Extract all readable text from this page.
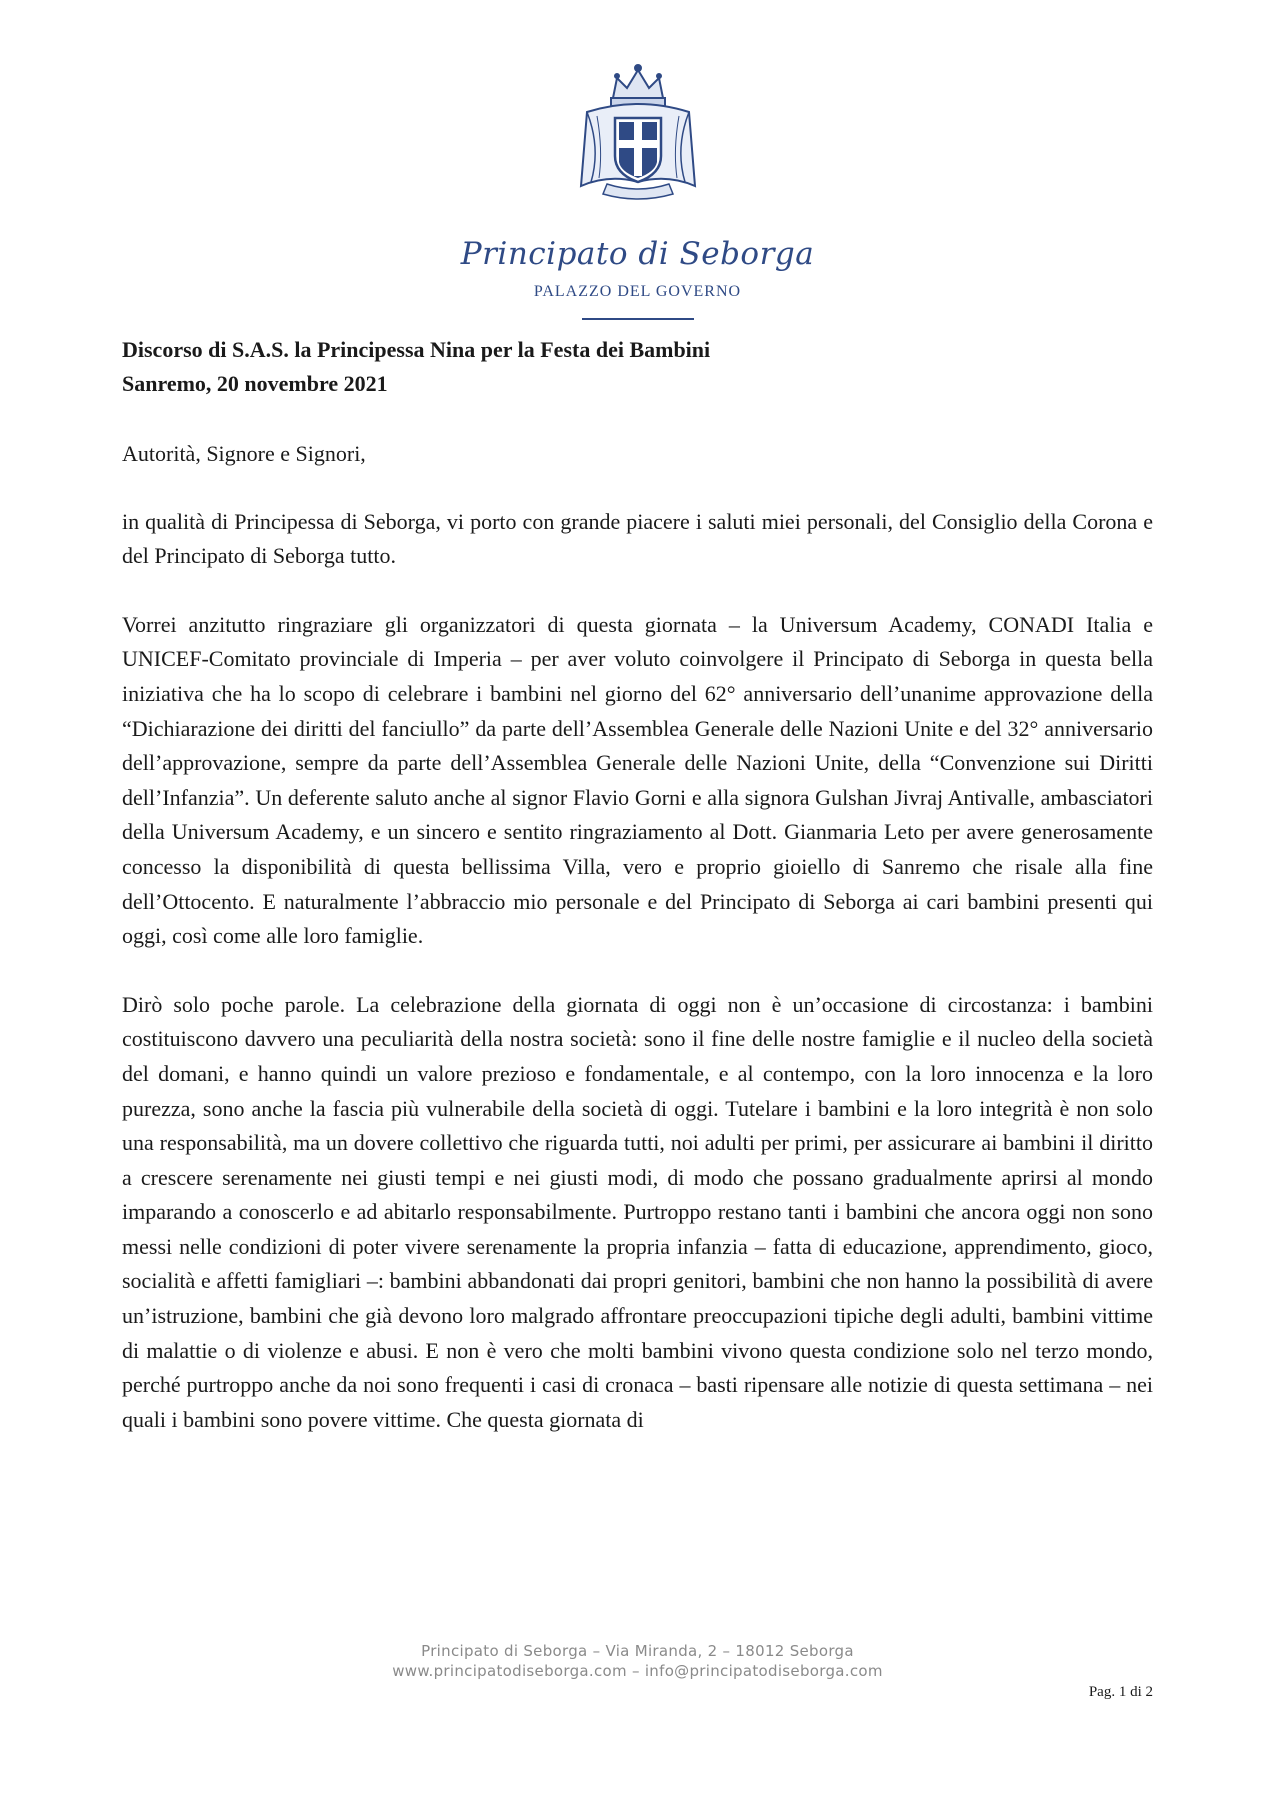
Principato di Seborga
PALAZZO DEL GOVERNO

Discorso di S.A.S. la Principessa Nina per la Festa dei Bambini

Sanremo, 20 novembre 2021

Autorità, Signore e Signori,

in qualità di Principessa di Seborga, vi porto con grande piacere i saluti miei personali, del Consiglio della Corona e del Principato di Seborga tutto.

Vorrei anzitutto ringraziare gli organizzatori di questa giornata – la Universum Academy, CONADI Italia e UNICEF-Comitato provinciale di Imperia – per aver voluto coinvolgere il Principato di Seborga in questa bella iniziativa che ha lo scopo di celebrare i bambini nel giorno del 62° anniversario dell’unanime approvazione della “Dichiarazione dei diritti del fanciullo” da parte dell’Assemblea Generale delle Nazioni Unite e del 32° anniversario dell’approvazione, sempre da parte dell’Assemblea Generale delle Nazioni Unite, della “Convenzione sui Diritti dell’Infanzia”. Un deferente saluto anche al signor Flavio Gorni e alla signora Gulshan Jivraj Antivalle, ambasciatori della Universum Academy, e un sincero e sentito ringraziamento al Dott. Gianmaria Leto per avere generosamente concesso la disponibilità di questa bellissima Villa, vero e proprio gioiello di Sanremo che risale alla fine dell’Ottocento. E naturalmente l’abbraccio mio personale e del Principato di Seborga ai cari bambini presenti qui oggi, così come alle loro famiglie.

Dirò solo poche parole. La celebrazione della giornata di oggi non è un’occasione di circostanza: i bambini costituiscono davvero una peculiarità della nostra società: sono il fine delle nostre famiglie e il nucleo della società del domani, e hanno quindi un valore prezioso e fondamentale, e al contempo, con la loro innocenza e la loro purezza, sono anche la fascia più vulnerabile della società di oggi. Tutelare i bambini e la loro integrità è non solo una responsabilità, ma un dovere collettivo che riguarda tutti, noi adulti per primi, per assicurare ai bambini il diritto a crescere serenamente nei giusti tempi e nei giusti modi, di modo che possano gradualmente aprirsi al mondo imparando a conoscerlo e ad abitarlo responsabilmente. Purtroppo restano tanti i bambini che ancora oggi non sono messi nelle condizioni di poter vivere serenamente la propria infanzia – fatta di educazione, apprendimento, gioco, socialità e affetti famigliari –: bambini abbandonati dai propri genitori, bambini che non hanno la possibilità di avere un’istruzione, bambini che già devono loro malgrado affrontare preoccupazioni tipiche degli adulti, bambini vittime di malattie o di violenze e abusi. E non è vero che molti bambini vivono questa condizione solo nel terzo mondo, perché purtroppo anche da noi sono frequenti i casi di cronaca – basti ripensare alle notizie di questa settimana – nei quali i bambini sono povere vittime. Che questa giornata di

Principato di Seborga – Via Miranda, 2 – 18012 Seborga
www.principatodiseborga.com – info@principatodiseborga.com
Pag. 1 di 2
